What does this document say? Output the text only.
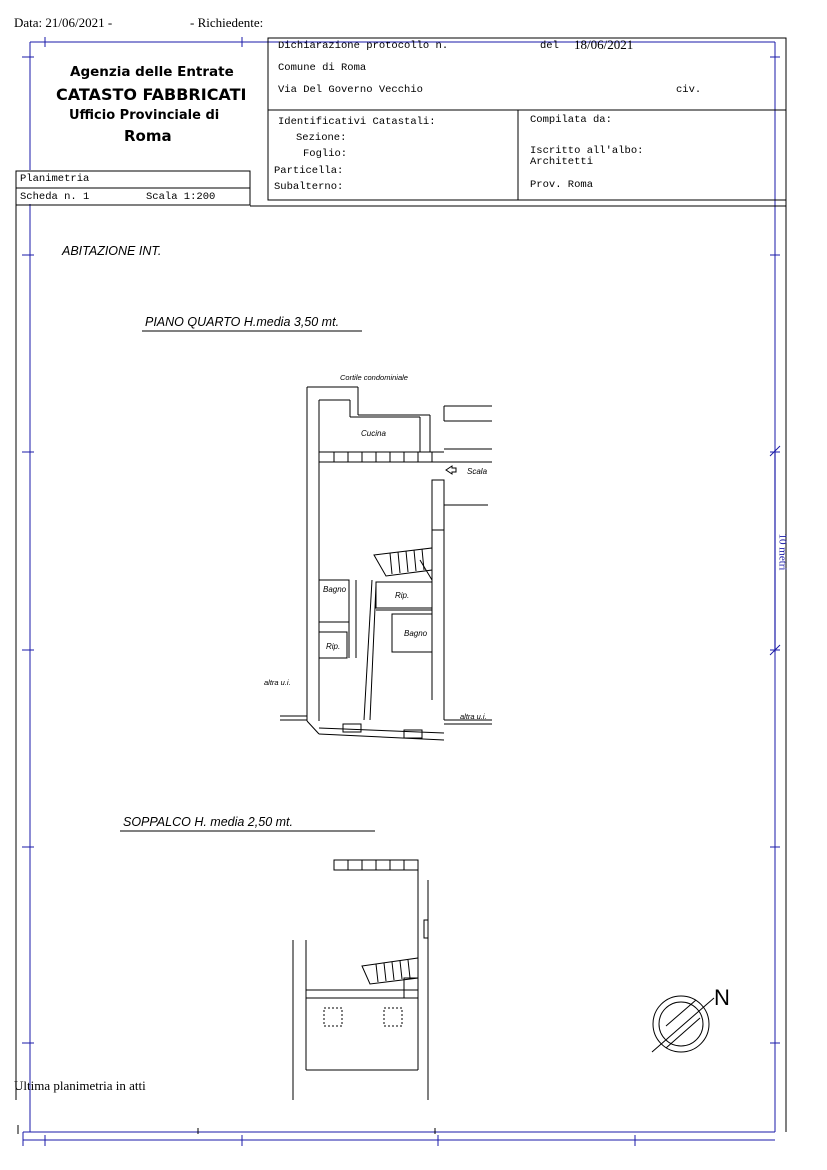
Data: 21/06/2021 -	- Richiedente:
Agenzia delle Entrate
CATASTO FABBRICATI
Ufficio Provinciale di
Roma
Dichiarazione protocollo n.	del 18/06/2021
Comune di Roma
Via Del Governo Vecchio	civ.
Identificativi Catastali:
Sezione:
Foglio:
Particella:
Subalterno:
Compilata da:
Iscritto all'albo:
Architetti
Prov. Roma
Planimetria
Scheda n. 1	Scala 1:200
ABITAZIONE INT.
PIANO QUARTO H.media 3,50 mt.
SOPPALCO H. media 2,50 mt.
Cortile condominiale
Cucina
Scala
Bagno
Rip.
Bagno
Rip.
altra u.i.
altra u.i.
10 metri
N
Ultima planimetria in atti
